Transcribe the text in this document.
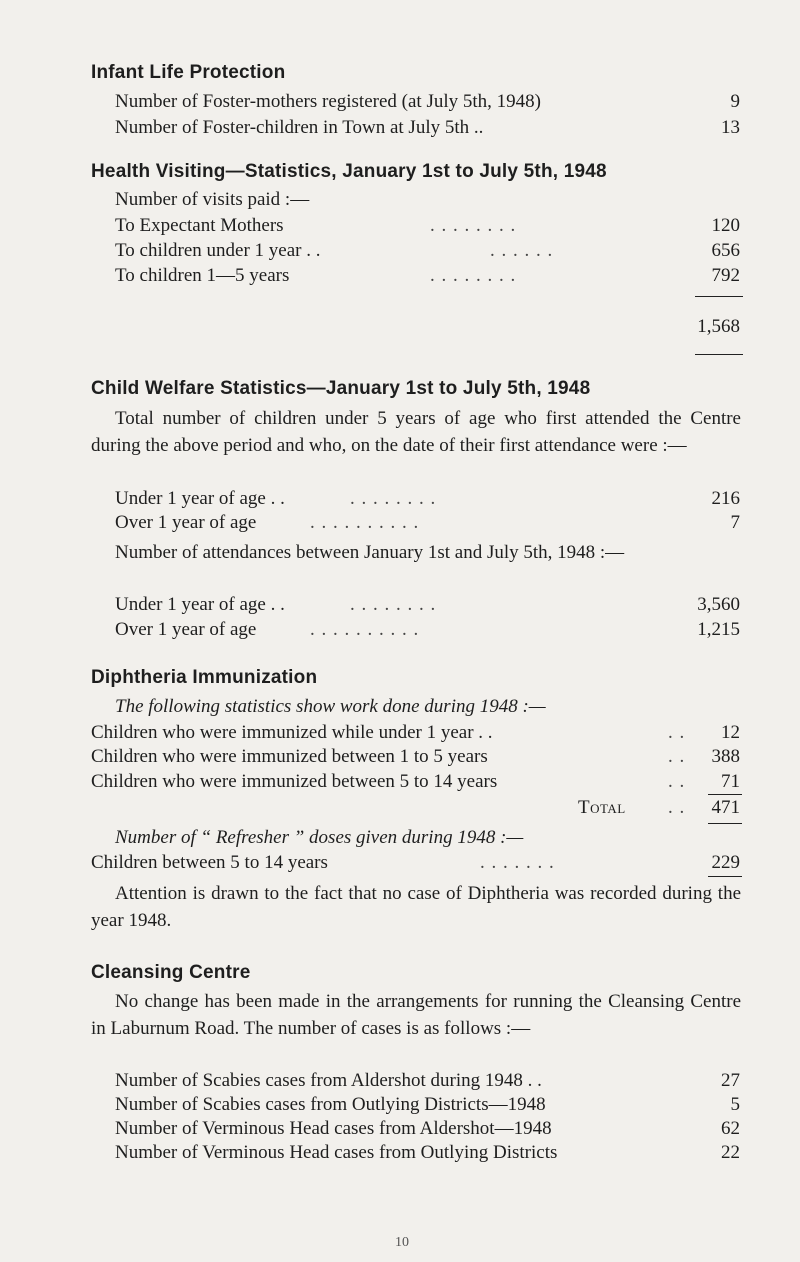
Infant Life Protection
Number of Foster-mothers registered (at July 5th, 1948)	9
Number of Foster-children in Town at July 5th ..	13
Health Visiting—Statistics, January 1st to July 5th, 1948
Number of visits paid :—
To Expectant Mothers	. . . . . . . .	120
To children under 1 year . .	. . . . . .	656
To children 1—5 years	. . . . . . . .	792
1,568
Child Welfare Statistics—January 1st to July 5th, 1948
Total number of children under 5 years of age who first attended the Centre during the above period and who, on the date of their first attendance were :—
Under 1 year of age . .	. . . . . . . .	216
Over 1 year of age	. . . . . . . . . .	7
Number of attendances between January 1st and July 5th, 1948 :—
Under 1 year of age . .	. . . . . . . .	3,560
Over 1 year of age	. . . . . . . . . .	1,215
Diphtheria Immunization
The following statistics show work done during 1948 :—
Children who were immunized while under 1 year . .	. .	12
Children who were immunized between 1 to 5 years	. .	388
Children who were immunized between 5 to 14 years	. .	71
Total . .	471
Number of “ Refresher ” doses given during 1948 :—
Children between 5 to 14 years	. . . . . . .	229
Attention is drawn to the fact that no case of Diphtheria was recorded during the year 1948.
Cleansing Centre
No change has been made in the arrangements for running the Cleansing Centre in Laburnum Road. The number of cases is as follows :—
Number of Scabies cases from Aldershot during 1948 . .	27
Number of Scabies cases from Outlying Districts—1948	5
Number of Verminous Head cases from Aldershot—1948	62
Number of Verminous Head cases from Outlying Districts	22
10
